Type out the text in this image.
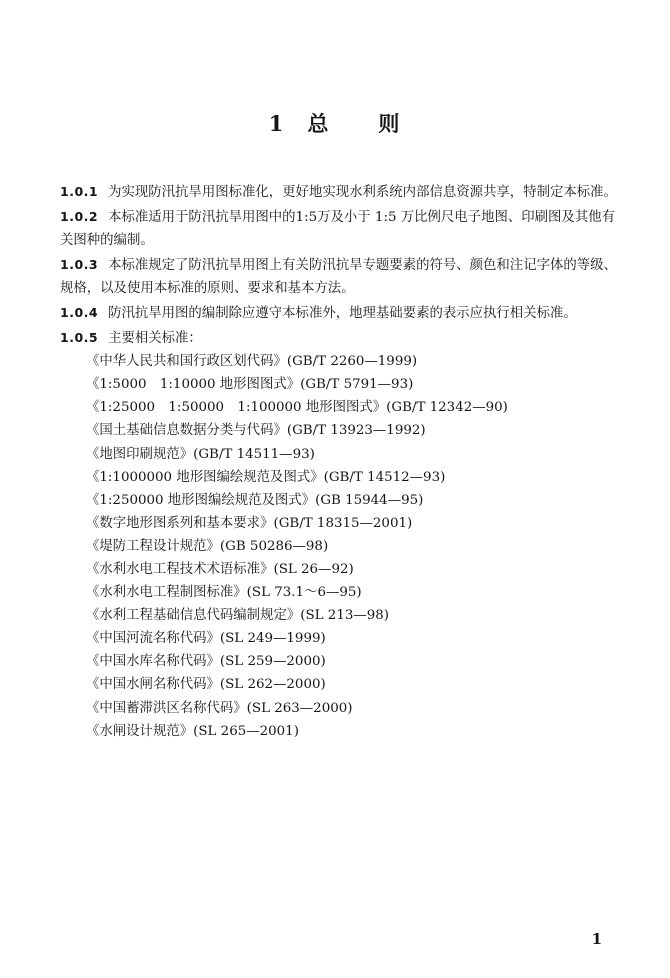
1 总 则

1.0.1 为实现防汛抗旱用图标准化，更好地实现水利系统内部信息资源共享，特制定本标准。

1.0.2 本标准适用于防汛抗旱用图中的1:5万及小于 1:5 万比例尺电子地图、印刷图及其他有关图种的编制。

1.0.3 本标准规定了防汛抗旱用图上有关防汛抗旱专题要素的符号、颜色和注记字体的等级、规格，以及使用本标准的原则、要求和基本方法。

1.0.4 防汛抗旱用图的编制除应遵守本标准外，地理基础要素的表示应执行相关标准。

1.0.5 主要相关标准：

《中华人民共和国行政区划代码》(GB/T 2260—1999)
《1:5000　1:10000 地形图图式》(GB/T 5791—93)
《1:25000　1:50000　1:100000 地形图图式》(GB/T 12342—90)
《国土基础信息数据分类与代码》(GB/T 13923—1992)
《地图印刷规范》(GB/T 14511—93)
《1:1000000 地形图编绘规范及图式》(GB/T 14512—93)
《1:250000 地形图编绘规范及图式》(GB 15944—95)
《数字地形图系列和基本要求》(GB/T 18315—2001)
《堤防工程设计规范》(GB 50286—98)
《水利水电工程技术术语标准》(SL 26—92)
《水利水电工程制图标准》(SL 73.1～6—95)
《水利工程基础信息代码编制规定》(SL 213—98)
《中国河流名称代码》(SL 249—1999)
《中国水库名称代码》(SL 259—2000)
《中国水闸名称代码》(SL 262—2000)
《中国蓄滞洪区名称代码》(SL 263—2000)
《水闸设计规范》(SL 265—2001)
1
